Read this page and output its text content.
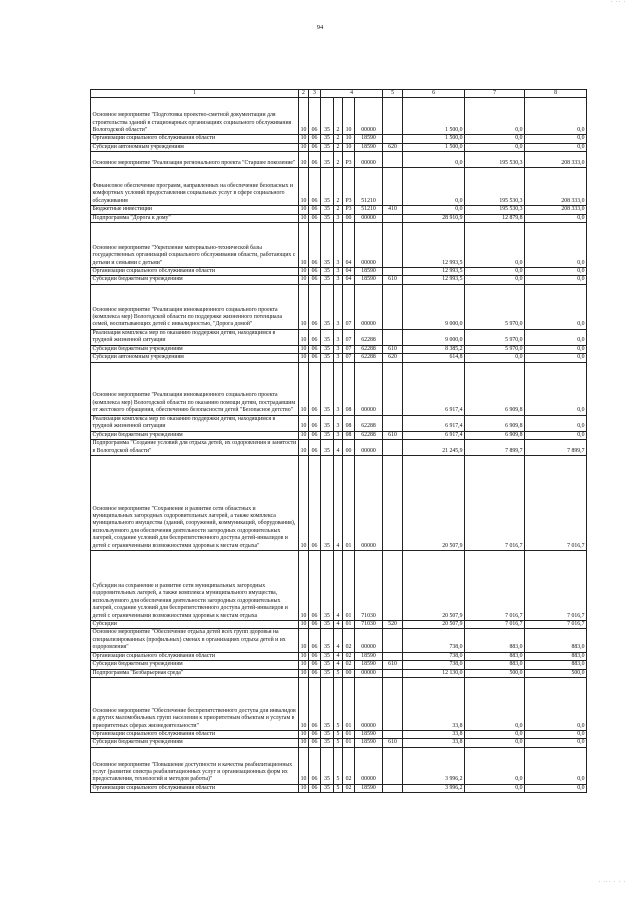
· ·· ·
94
1	2	3	4				5	6	7	8
Основное мероприятие "Подготовка проектно-сметной документации для строительства зданий в стационарных организациях социального обслуживания Вологодской области"	10	06	35	2	10	00000		1 500,0	0,0	0,0
Организации социального обслуживания области	10	06	35	2	10	18590		1 500,0	0,0	0,0
Субсидии автономным учреждениям	10	06	35	2	10	18590	620	1 500,0	0,0	0,0
Основное мероприятие "Реализация регионального проекта "Старшее поколение"	10	06	35	2	P3	00000		0,0	195 530,3	208 333,0
Финансовое обеспечение программ, направленных на обеспечение безопасных и комфортных условий предоставления социальных услуг в сфере социального обслуживания	10	06	35	2	P3	51210		0,0	195 530,3	208 333,0
Бюджетные инвестиции	10	06	35	2	P3	51210	410	0,0	195 530,3	208 333,0
Подпрограмма "Дорога к дому"	10	06	35	3	00	00000		28 910,9	12 879,8	0,0
Основное мероприятие "Укрепление материально-технической базы государственных организаций социального обслуживания области, работающих с детьми и семьями с детьми"	10	06	35	3	04	00000		12 993,5	0,0	0,0
Организации социального обслуживания области	10	06	35	3	04	18590		12 993,5	0,0	0,0
Субсидии бюджетным учреждениям	10	06	35	3	04	18590	610	12 993,5	0,0	0,0
Основное мероприятие "Реализация инновационного социального проекта (комплекса мер) Вологодской области по поддержке жизненного потенциала семей, воспитывающих детей с инвалидностью, "Дорога домой"	10	06	35	3	07	00000		9 000,0	5 970,0	0,0
Реализация комплекса мер по оказанию поддержки детям, находящимся в трудной жизненной ситуации	10	06	35	3	07	62288		9 000,0	5 970,0	0,0
Субсидии бюджетным учреждениям	10	06	35	3	07	62288	610	8 385,2	5 970,0	0,0
Субсидии автономным учреждениям	10	06	35	3	07	62288	620	614,8	0,0	0,0
Основное мероприятие "Реализация инновационного социального проекта (комплекса мер) Вологодской области по оказанию помощи детям, пострадавшим от жестокого обращения, обеспечению безопасности детей "Безопасное детство"	10	06	35	3	08	00000		6 917,4	6 909,8	0,0
Реализация комплекса мер по оказанию поддержки детям, находящимся в трудной жизненной ситуации	10	06	35	3	08	62288		6 917,4	6 909,8	0,0
Субсидии бюджетным учреждениям	10	06	35	3	08	62288	610	6 917,4	6 909,8	0,0
Подпрограмма "Создание условий для отдыха детей, их оздоровления и занятости в Вологодской области"	10	06	35	4	00	00000		21 245,9	7 899,7	7 899,7
Основное мероприятие "Сохранение и развитие сети областных и муниципальных загородных оздоровительных лагерей, а также комплекса муниципального имущества (зданий, сооружений, коммуникаций, оборудования), используемого для обеспечения деятельности загородных оздоровительных лагерей, создание условий для беспрепятственного доступа детей-инвалидов и детей с ограниченными возможностями здоровья к местам отдыха"	10	06	35	4	01	00000		20 507,9	7 016,7	7 016,7
Субсидии на сохранение и развитие сети муниципальных загородных оздоровительных лагерей, а также комплекса муниципального имущества, используемого для обеспечения деятельности загородных оздоровительных лагерей, создание условий для беспрепятственного доступа детей-инвалидов и детей с ограниченными возможностями здоровья к местам отдыха	10	06	35	4	01	71030		20 507,9	7 016,7	7 016,7
Субсидии	10	06	35	4	01	71030	520	20 507,9	7 016,7	7 016,7
Основное мероприятие "Обеспечение отдыха детей всех групп здоровья на специализированных (профильных) сменах в организациях отдыха детей и их оздоровления"	10	06	35	4	02	00000		738,0	883,0	883,0
Организации социального обслуживания области	10	06	35	4	02	18590		738,0	883,0	883,0
Субсидии бюджетным учреждениям	10	06	35	4	02	18590	610	738,0	883,0	883,0
Подпрограмма "Безбарьерная среда"	10	06	35	5	00	00000		12 130,0	500,0	500,0
Основное мероприятие "Обеспечение беспрепятственного доступа для инвалидов и других маломобильных групп населения к приоритетным объектам и услугам в приоритетных сферах жизнедеятельности"	10	06	35	5	01	00000		33,8	0,0	0,0
Организации социального обслуживания области	10	06	35	5	01	18590		33,8	0,0	0,0
Субсидии бюджетным учреждениям	10	06	35	5	01	18590	610	33,8	0,0	0,0
Основное мероприятие "Повышение доступности и качества реабилитационных услуг (развитие спектра реабилитационных услуг и организационных форм их предоставления, технологий и методов работы)"	10	06	35	5	02	00000		3 996,2	0,0	0,0
Организации социального обслуживания области	10	06	35	5	02	18590		3 996,2	0,0	0,0
· ··· · · ·
